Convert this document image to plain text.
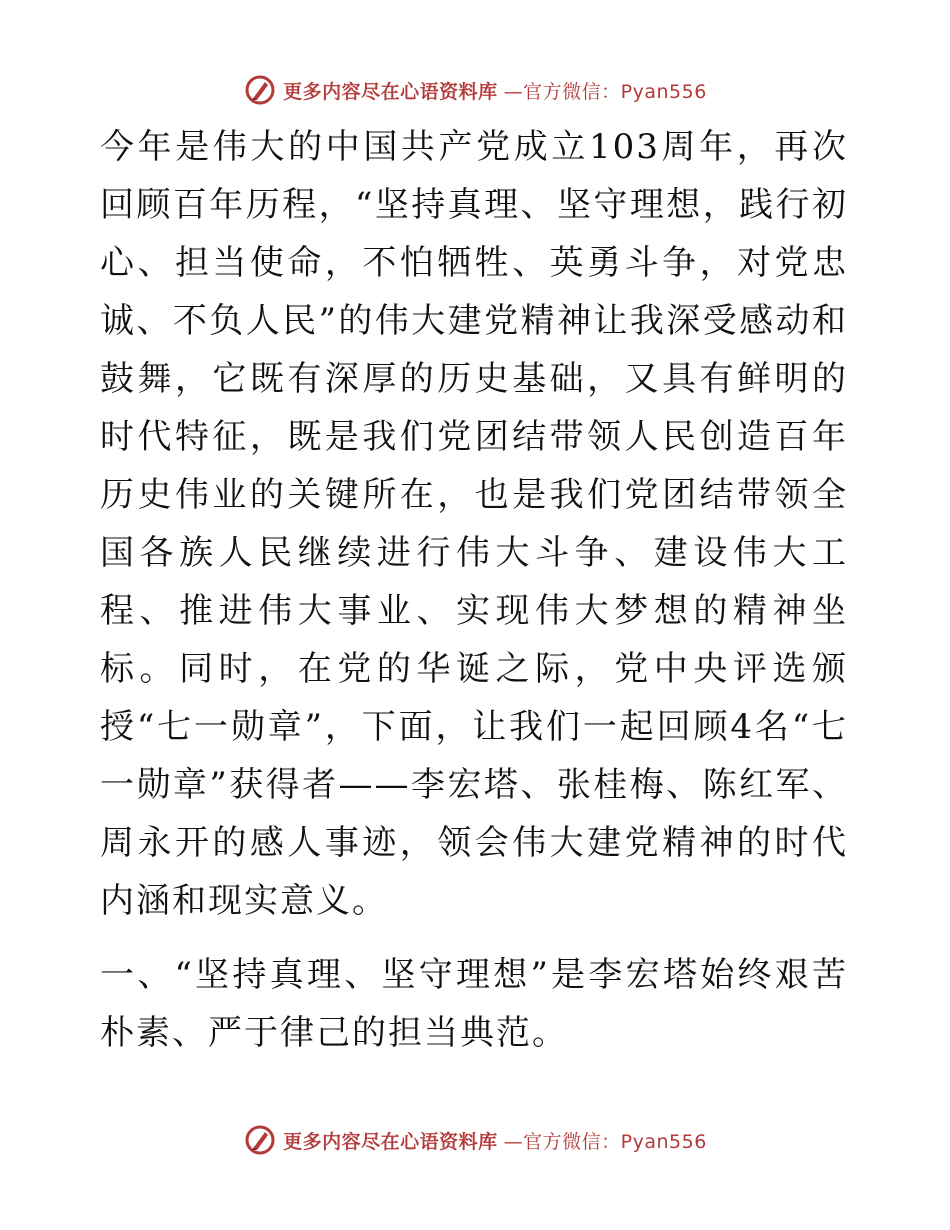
更多内容尽在心语资料库 —官方微信：Pyan556

今年是伟大的中国共产党成立103周年，再次回顾百年历程，“坚持真理、坚守理想，践行初心、担当使命，不怕牺牲、英勇斗争，对党忠诚、不负人民”的伟大建党精神让我深受感动和鼓舞，它既有深厚的历史基础，又具有鲜明的时代特征，既是我们党团结带领人民创造百年历史伟业的关键所在，也是我们党团结带领全国各族人民继续进行伟大斗争、建设伟大工程、推进伟大事业、实现伟大梦想的精神坐标。同时，在党的华诞之际，党中央评选颁授“七一勋章”，下面，让我们一起回顾4名“七一勋章”获得者——李宏塔、张桂梅、陈红军、周永开的感人事迹，领会伟大建党精神的时代内涵和现实意义。

一、“坚持真理、坚守理想”是李宏塔始终艰苦朴素、严于律己的担当典范。

更多内容尽在心语资料库 —官方微信：Pyan556
